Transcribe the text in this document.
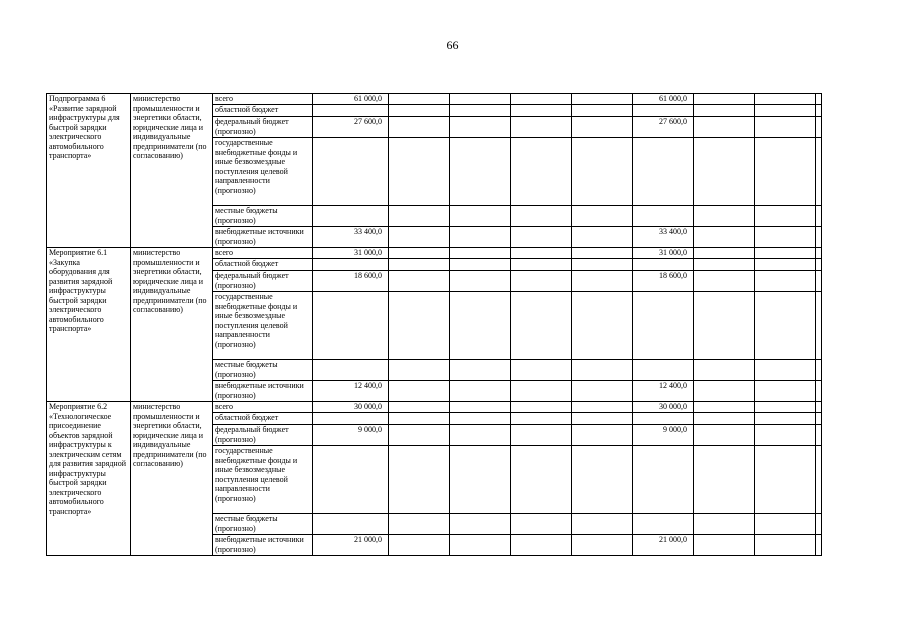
66
Подпрограмма 6 «Развитие зарядной инфраструктуры для быстрой зарядки электрического автомобильного транспорта»	министерство промышленности и энергетики области, юридические лица и индивидуальные предприниматели (по согласованию)	всего	61 000,0					61 000,0			
		областной бюджет									
		федеральный бюджет (прогнозно)	27 600,0					27 600,0			
		государственные внебюджетные фонды и иные безвозмездные поступления целевой направленности (прогнозно)									
		местные бюджеты (прогнозно)									
		внебюджетные источники (прогнозно)	33 400,0					33 400,0			
Мероприятие 6.1 «Закупка оборудования для развития зарядной инфраструктуры быстрой зарядки электрического автомобильного транспорта»	министерство промышленности и энергетики области, юридические лица и индивидуальные предприниматели (по согласованию)	всего	31 000,0					31 000,0			
		областной бюджет									
		федеральный бюджет (прогнозно)	18 600,0					18 600,0			
		государственные внебюджетные фонды и иные безвозмездные поступления целевой направленности (прогнозно)									
		местные бюджеты (прогнозно)									
		внебюджетные источники (прогнозно)	12 400,0					12 400,0			
Мероприятие 6.2 «Технологическое присоединение объектов зарядной инфраструктуры к электрическим сетям для развития зарядной инфраструктуры быстрой зарядки электрического автомобильного транспорта»	министерство промышленности и энергетики области, юридические лица и индивидуальные предприниматели (по согласованию)	всего	30 000,0					30 000,0			
		областной бюджет									
		федеральный бюджет (прогнозно)	9 000,0					9 000,0			
		государственные внебюджетные фонды и иные безвозмездные поступления целевой направленности (прогнозно)									
		местные бюджеты (прогнозно)									
		внебюджетные источники (прогнозно)	21 000,0					21 000,0			
